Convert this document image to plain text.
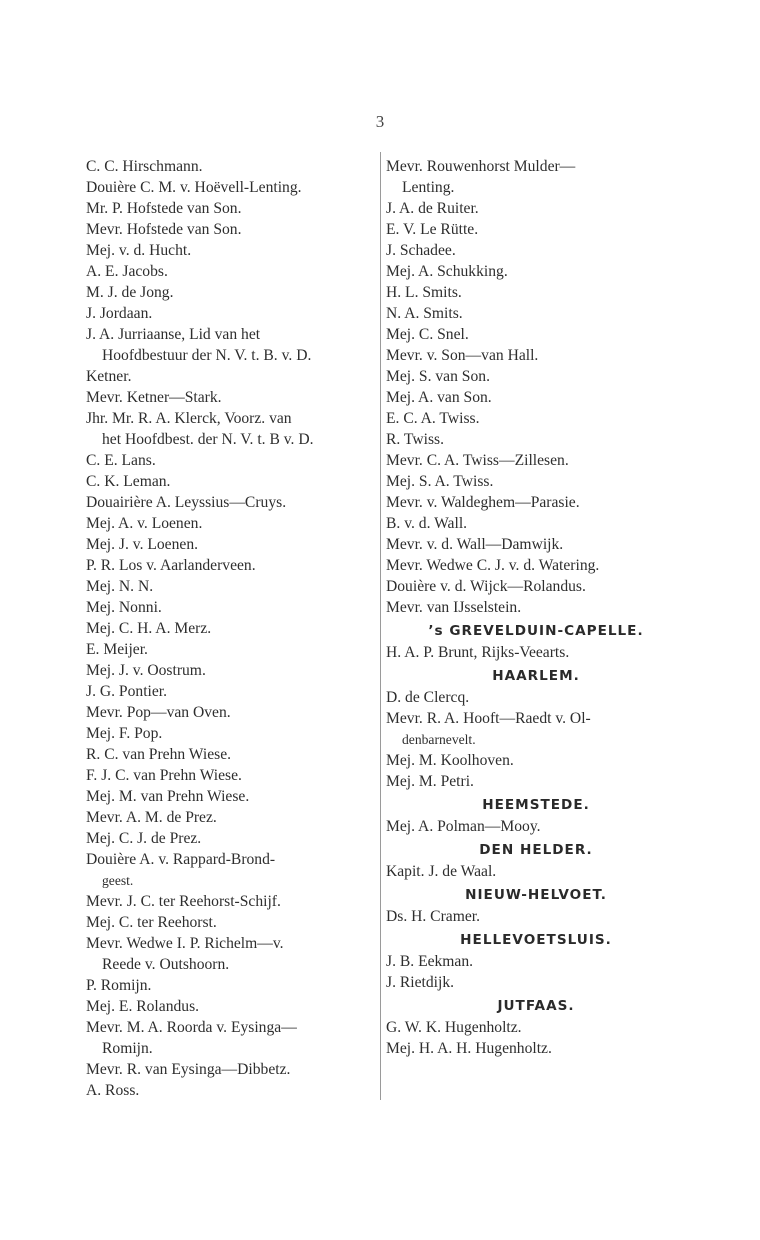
3
C. C. Hirschmann.
Douière C. M. v. Hoëvell-Lenting.
Mr. P. Hofstede van Son.
Mevr. Hofstede van Son.
Mej. v. d. Hucht.
A. E. Jacobs.
M. J. de Jong.
J. Jordaan.
J. A. Jurriaanse, Lid van het
Hoofdbestuur der N. V. t. B. v. D.
Ketner.
Mevr. Ketner—Stark.
Jhr. Mr. R. A. Klerck, Voorz. van
het Hoofdbest. der N. V. t. B v. D.
C. E. Lans.
C. K. Leman.
Douairière A. Leyssius—Cruys.
Mej. A. v. Loenen.
Mej. J. v. Loenen.
P. R. Los v. Aarlanderveen.
Mej. N. N.
Mej. Nonni.
Mej. C. H. A. Merz.
E. Meijer.
Mej. J. v. Oostrum.
J. G. Pontier.
Mevr. Pop—van Oven.
Mej. F. Pop.
R. C. van Prehn Wiese.
F. J. C. van Prehn Wiese.
Mej. M. van Prehn Wiese.
Mevr. A. M. de Prez.
Mej. C. J. de Prez.
Douière A. v. Rappard-Brond-
geest.
Mevr. J. C. ter Reehorst-Schijf.
Mej. C. ter Reehorst.
Mevr. Wedwe I. P. Richelm—v.
Reede v. Outshoorn.
P. Romijn.
Mej. E. Rolandus.
Mevr. M. A. Roorda v. Eysinga—
Romijn.
Mevr. R. van Eysinga—Dibbetz.
A. Ross.
Mevr. Rouwenhorst Mulder—
Lenting.
J. A. de Ruiter.
E. V. Le Rütte.
J. Schadee.
Mej. A. Schukking.
H. L. Smits.
N. A. Smits.
Mej. C. Snel.
Mevr. v. Son—van Hall.
Mej. S. van Son.
Mej. A. van Son.
E. C. A. Twiss.
R. Twiss.
Mevr. C. A. Twiss—Zillesen.
Mej. S. A. Twiss.
Mevr. v. Waldeghem—Parasie.
B. v. d. Wall.
Mevr. v. d. Wall—Damwijk.
Mevr. Wedwe C. J. v. d. Watering.
Douière v. d. Wijck—Rolandus.
Mevr. van IJsselstein.
’s GREVELDUIN-CAPELLE.
H. A. P. Brunt, Rijks-Veearts.
HAARLEM.
D. de Clercq.
Mevr. R. A. Hooft—Raedt v. Ol-
denbarnevelt.
Mej. M. Koolhoven.
Mej. M. Petri.
HEEMSTEDE.
Mej. A. Polman—Mooy.
DEN HELDER.
Kapit. J. de Waal.
NIEUW-HELVOET.
Ds. H. Cramer.
HELLEVOETSLUIS.
J. B. Eekman.
J. Rietdijk.
JUTFAAS.
G. W. K. Hugenholtz.
Mej. H. A. H. Hugenholtz.
